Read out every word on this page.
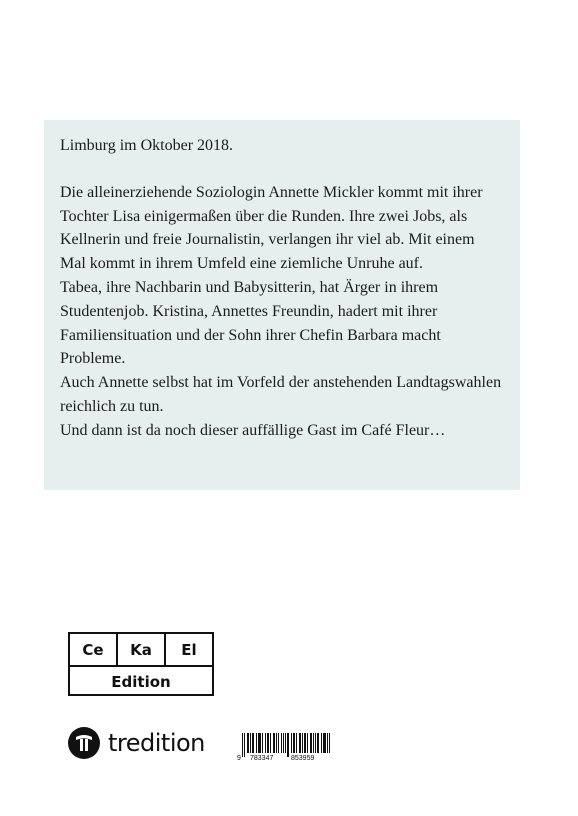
Limburg im Oktober 2018.

Die alleinerziehende Soziologin Annette Mickler kommt mit ihrer Tochter Lisa einigermaßen über die Runden. Ihre zwei Jobs, als Kellnerin und freie Journalistin, verlangen ihr viel ab. Mit einem Mal kommt in ihrem Umfeld eine ziemliche Unruhe auf.

Tabea, ihre Nachbarin und Babysitterin, hat Ärger in ihrem Studentenjob. Kristina, Annettes Freundin, hadert mit ihrer Familiensituation und der Sohn ihrer Chefin Barbara macht Probleme.

Auch Annette selbst hat im Vorfeld der anstehenden Landtagswahlen reichlich zu tun.

Und dann ist da noch dieser auffällige Gast im Café Fleur…

Ce	Ka	El
Edition
tredition
9 783347	853959
